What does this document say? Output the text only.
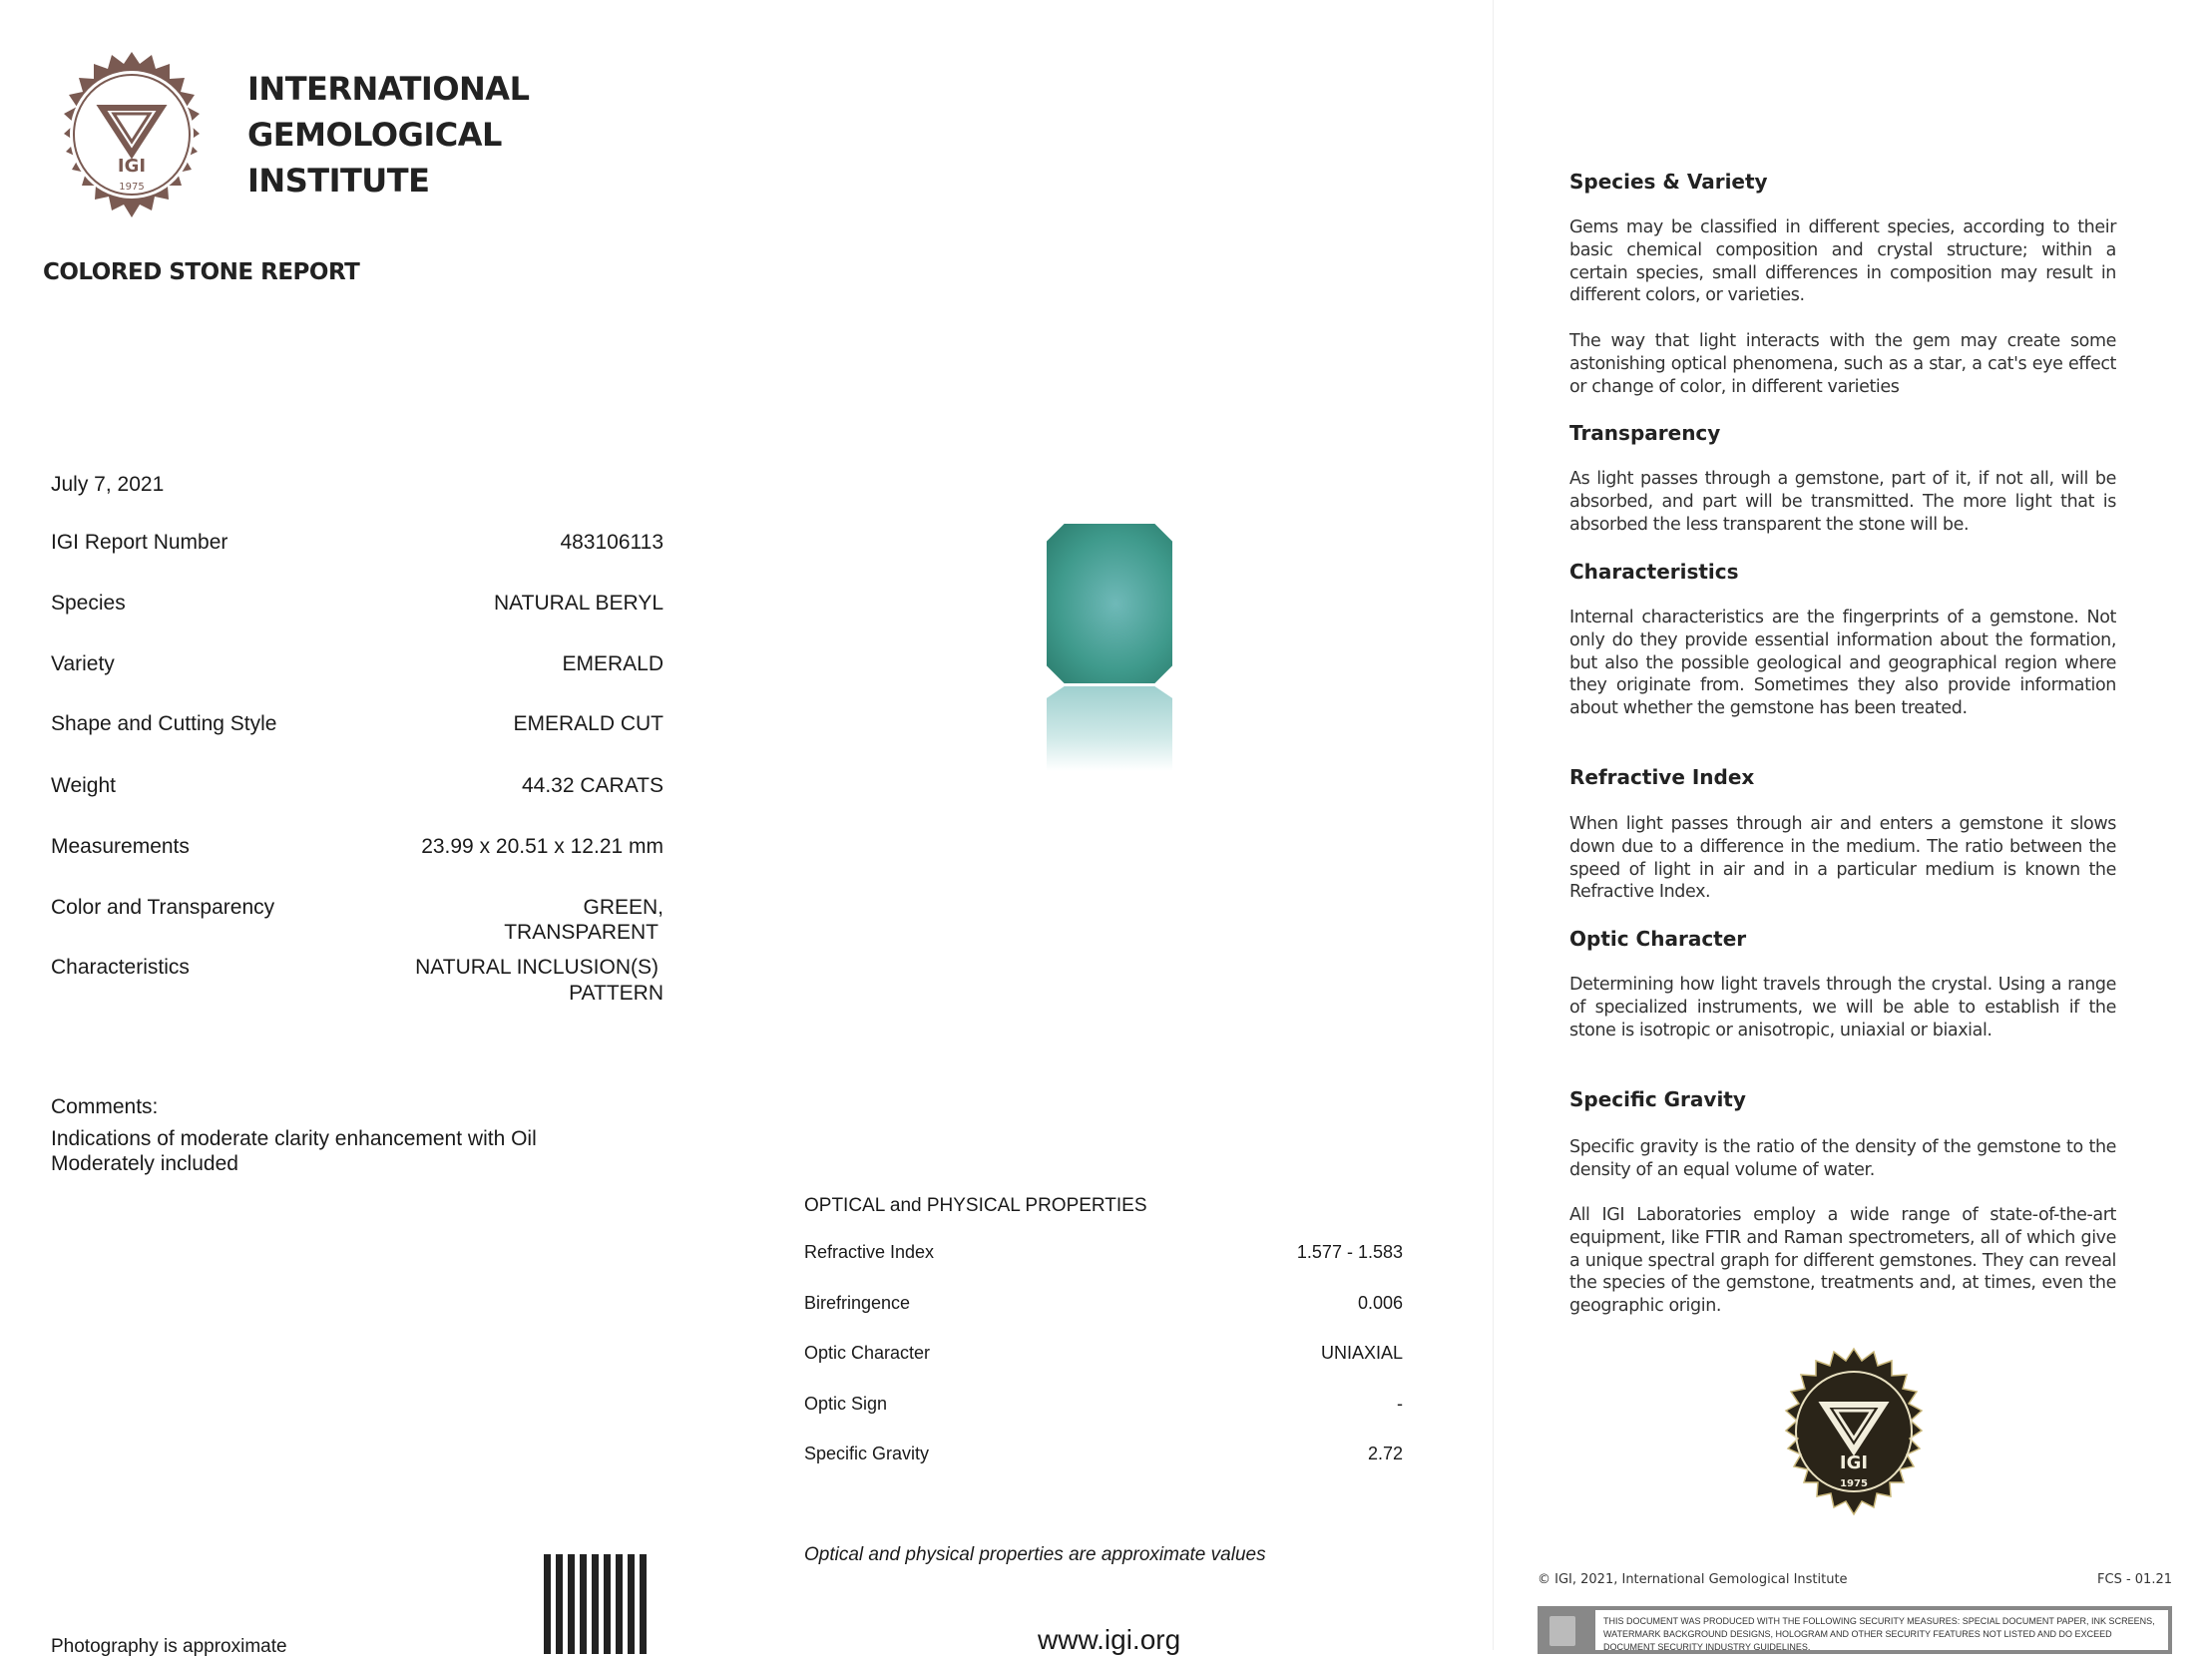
IGI
1975
INTERNATIONAL
GEMOLOGICAL
INSTITUTE
COLORED STONE REPORT
July 7, 2021
IGI Report Number	483106113
Species	NATURAL BERYL
Variety	EMERALD
Shape and Cutting Style	EMERALD CUT
Weight	44.32 CARATS
Measurements	23.99 x 20.51 x 12.21 mm
Color and Transparency	GREEN,
TRANSPARENT
Characteristics	NATURAL INCLUSION(S)
PATTERN
Comments:
Indications of moderate clarity enhancement with Oil
Moderately included
Photography is approximate
OPTICAL and PHYSICAL PROPERTIES
Refractive Index	1.577 - 1.583
Birefringence	0.006
Optic Character	UNIAXIAL
Optic Sign	-
Specific Gravity	2.72
Optical and physical properties are approximate values
www.igi.org
Species & Variety
Gems may be classified in different species, according to their basic chemical composition and crystal structure; within a certain species, small differences in composition may result in different colors, or varieties.
The way that light interacts with the gem may create some astonishing optical phenomena, such as a star, a cat's eye effect or change of color, in different varieties
Transparency
As light passes through a gemstone, part of it, if not all, will be absorbed, and part will be transmitted. The more light that is absorbed the less transparent the stone will be.
Characteristics
Internal characteristics are the fingerprints of a gemstone. Not only do they provide essential information about the formation, but also the possible geological and geographical region where they originate from. Sometimes they also provide information about whether the gemstone has been treated.
Refractive Index
When light passes through air and enters a gemstone it slows down due to a difference in the medium. The ratio between the speed of light in air and in a particular medium is known the Refractive Index.
Optic Character
Determining how light travels through the crystal. Using a range of specialized instruments, we will be able to establish if the stone is isotropic or anisotropic, uniaxial or biaxial.
Specific Gravity
Specific gravity is the ratio of the density of the gemstone to the density of an equal volume of water.
All IGI Laboratories employ a wide range of state-of-the-art equipment, like FTIR and Raman spectrometers, all of which give a unique spectral graph for different gemstones. They can reveal the species of the gemstone, treatments and, at times, even the geographic origin.
IGI
1975
© IGI, 2021, International Gemological Institute	FCS - 01.21
THIS DOCUMENT WAS PRODUCED WITH THE FOLLOWING SECURITY MEASURES: SPECIAL DOCUMENT PAPER, INK SCREENS, WATERMARK BACKGROUND DESIGNS, HOLOGRAM AND OTHER SECURITY FEATURES NOT LISTED AND DO EXCEED DOCUMENT SECURITY INDUSTRY GUIDELINES.
